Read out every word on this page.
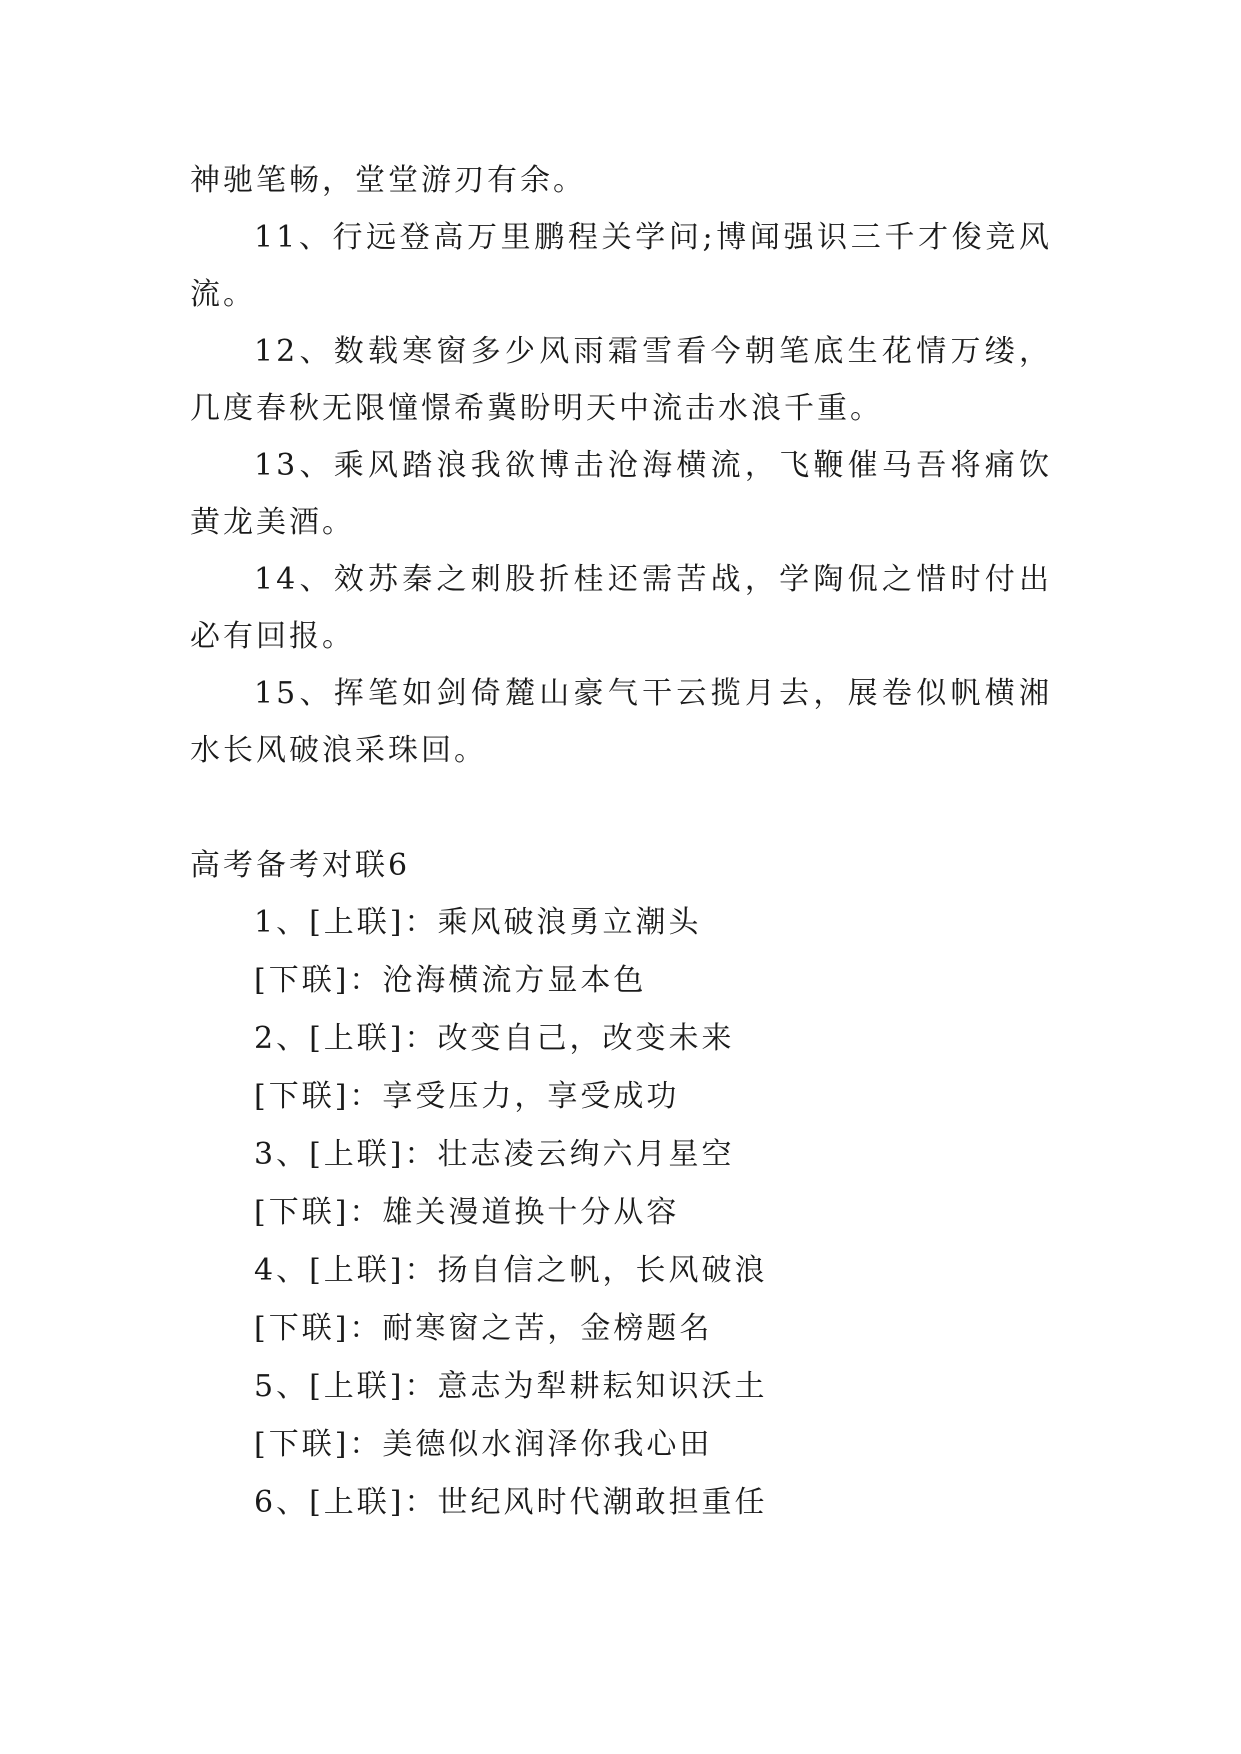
神驰笔畅，堂堂游刃有余。

11、行远登高万里鹏程关学问;博闻强识三千才俊竞风流。

12、数载寒窗多少风雨霜雪看今朝笔底生花情万缕，几度春秋无限憧憬希冀盼明天中流击水浪千重。

13、乘风踏浪我欲博击沧海横流，飞鞭催马吾将痛饮黄龙美酒。

14、效苏秦之刺股折桂还需苦战，学陶侃之惜时付出必有回报。

15、挥笔如剑倚麓山豪气干云揽月去，展卷似帆横湘水长风破浪采珠回。

高考备考对联6

1、[上联]：乘风破浪勇立潮头

[下联]：沧海横流方显本色

2、[上联]：改变自己，改变未来

[下联]：享受压力，享受成功

3、[上联]：壮志凌云绚六月星空

[下联]：雄关漫道换十分从容

4、[上联]：扬自信之帆，长风破浪

[下联]：耐寒窗之苦，金榜题名

5、[上联]：意志为犁耕耘知识沃土

[下联]：美德似水润泽你我心田

6、[上联]：世纪风时代潮敢担重任
